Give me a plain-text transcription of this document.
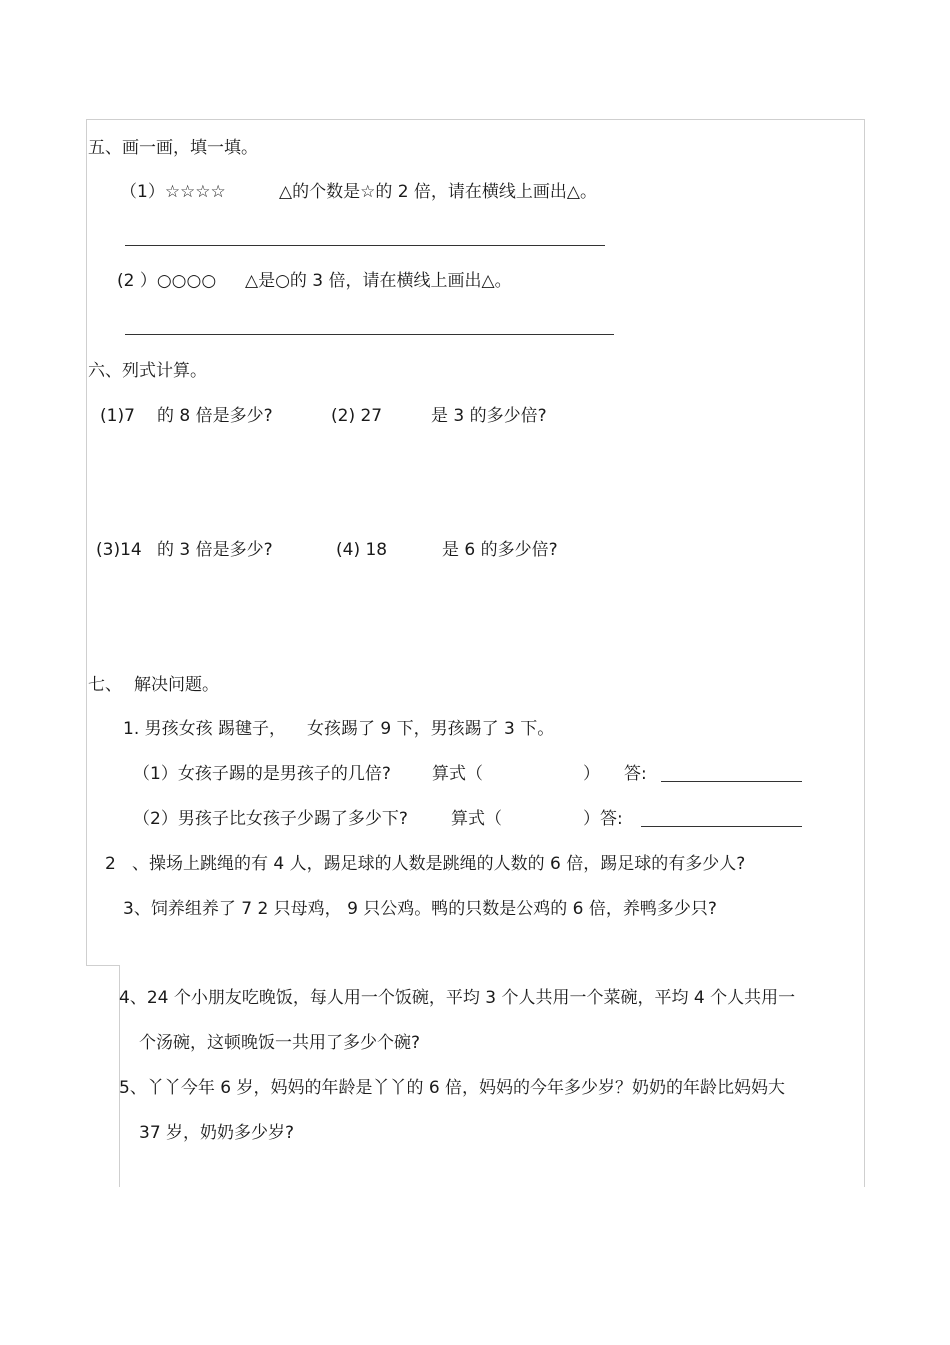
五、画一画，填一填。
（1）☆☆☆☆	△的个数是☆的 2 倍，请在横线上画出△。
(2 ）○○○○ △是○的 3 倍，请在横线上画出△。
六、列式计算。
(1)7 的 8 倍是多少?	(2) 27	是 3 的多少倍?
(3)14 的 3 倍是多少?	(4) 18	是 6 的多少倍?
七、 解决问题。
1. 男孩女孩 踢毽子， 女孩踢了 9 下，男孩踢了 3 下。
（1）女孩子踢的是男孩子的几倍? 算式（	） 答:
（2）男孩子比女孩子少踢了多少下?	算式（	）答:
2 、操场上跳绳的有 4 人，踢足球的人数是跳绳的人数的 6 倍，踢足球的有多少人?
3、饲养组养了 7 2 只母鸡， 9 只公鸡。鸭的只数是公鸡的 6 倍，养鸭多少只?
4、24 个小朋友吃晚饭，每人用一个饭碗，平均 3 个人共用一个菜碗，平均 4 个人共用一
个汤碗，这顿晚饭一共用了多少个碗?
5、丫丫今年 6 岁，妈妈的年龄是丫丫的 6 倍，妈妈的今年多少岁？奶奶的年龄比妈妈大
37 岁，奶奶多少岁?
